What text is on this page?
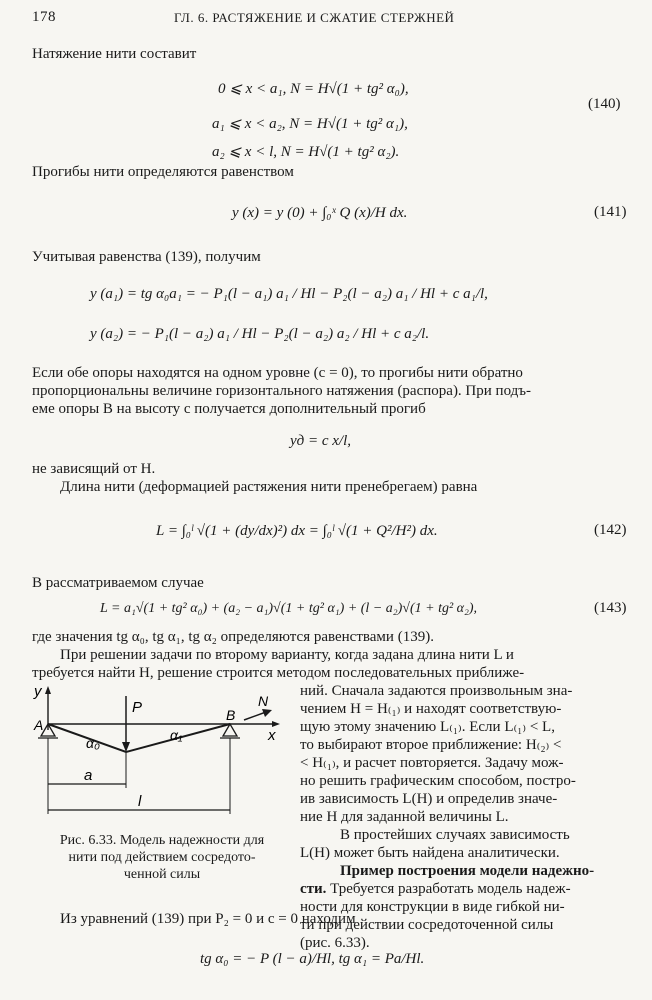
178	ГЛ. 6. РАСТЯЖЕНИЕ И СЖАТИЕ СТЕРЖНЕЙ
Натяжение нити составит
0 ⩽ x < a₁, N = H√(1 + tg² α₀),
a₁ ⩽ x < a₂, N = H√(1 + tg² α₁),
a₂ ⩽ x < l, N = H√(1 + tg² α₂).
(140)
Прогибы нити определяются равенством
y (x) = y (0) + ∫₀ˣ Q (x)/H dx.	(141)
Учитывая равенства (139), получим
y (a₁) = tg α₀a₁ = − P₁(l − a₁) a₁ / Hl − P₂(l − a₂) a₁ / Hl + c a₁/l,
y (a₂) = − P₁(l − a₂) a₁ / Hl − P₂(l − a₂) a₂ / Hl + c a₂/l.
Если обе опоры находятся на одном уровне (c = 0), то прогибы нити обратно
пропорциональны величине горизонтального натяжения (распора). При подъ-
еме опоры B на высоту c получается дополнительный прогиб
yд = c x/l,
не зависящий от H.
Длина нити (деформацией растяжения нити пренебрегаем) равна
L = ∫₀ˡ √(1 + (dy/dx)²) dx = ∫₀ˡ √(1 + Q²/H²) dx.	(142)
В рассматриваемом случае
L = a₁√(1 + tg² α₀) + (a₂ − a₁)√(1 + tg² α₁) + (l − a₂)√(1 + tg² α₂),	(143)
где значения tg α₀, tg α₁, tg α₂ определяются равенствами (139).
При решении задачи по второму варианту, когда задана длина нити L и
требуется найти H, решение строится методом последовательных приближе-
ний. Сначала задаются произвольным зна-
чением H = H₍₁₎ и находят соответствую-
щую этому значению L₍₁₎. Если L₍₁₎ < L,
то выбирают второе приближение: H₍₂₎ <
< H₍₁₎, и расчет повторяется. Задачу мож-
но решить графическим способом, постро-
ив зависимость L(H) и определив значе-
ние H для заданной величины L.
В простейших случаях зависимость
L(H) может быть найдена аналитически.
Пример построения модели надежно-
сти. Требуется разработать модель надеж-
ности для конструкции в виде гибкой ни-
ти при действии сосредоточенной силы
(рис. 6.33).
y
x
A
B
P	N
α₀	α₁
a
l
Рис. 6.33. Модель надежности для
нити под действием сосредото-
ченной силы
Из уравнений (139) при P₂ = 0 и c = 0 находим
tg α₀ = − P (l − a)/Hl, tg α₁ = Pa/Hl.
